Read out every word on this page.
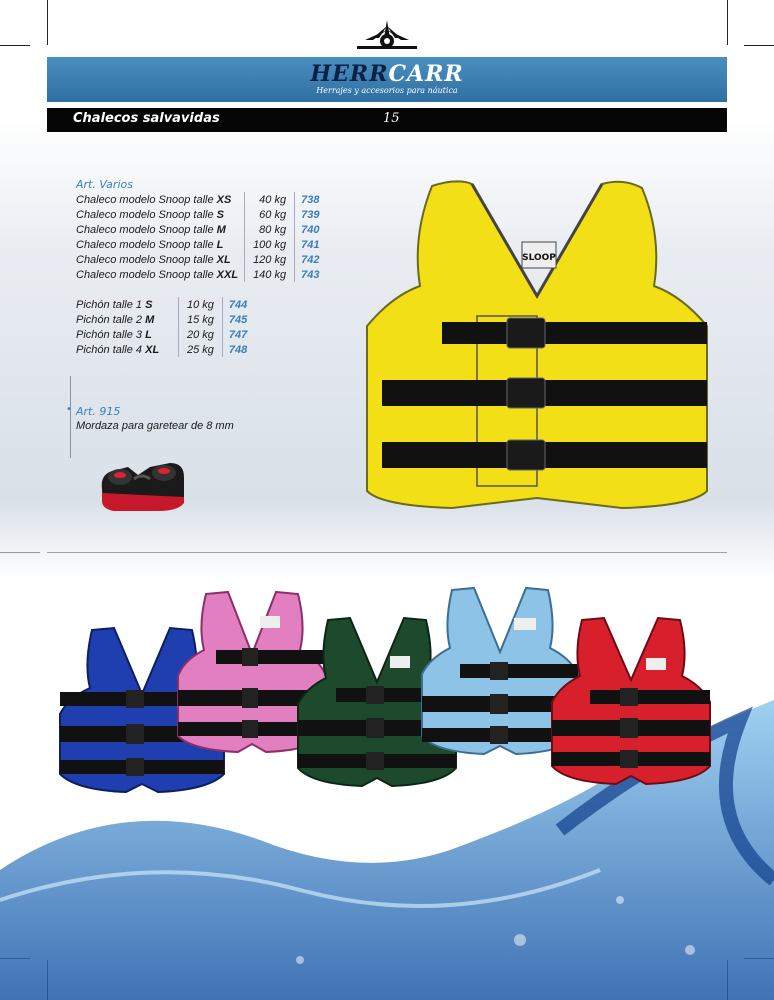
HERRCARR
Herrajes y accesorios para náutica
Chalecos salvavidas	15
Art. Varios
Chaleco modelo Snoop talle XS	40 kg	738
Chaleco modelo Snoop talle S	60 kg	739
Chaleco modelo Snoop talle M	80 kg	740
Chaleco modelo Snoop talle L	100 kg	741
Chaleco modelo Snoop talle XL	120 kg	742
Chaleco modelo Snoop talle XXL	140 kg	743
Pichón talle 1 S	10 kg	744
Pichón talle 2 M	15 kg	745
Pichón talle 3 L	20 kg	747
Pichón talle 4 XL	25 kg	748
• Art. 915
Mordaza para garetear de 8 mm
SLOOP
